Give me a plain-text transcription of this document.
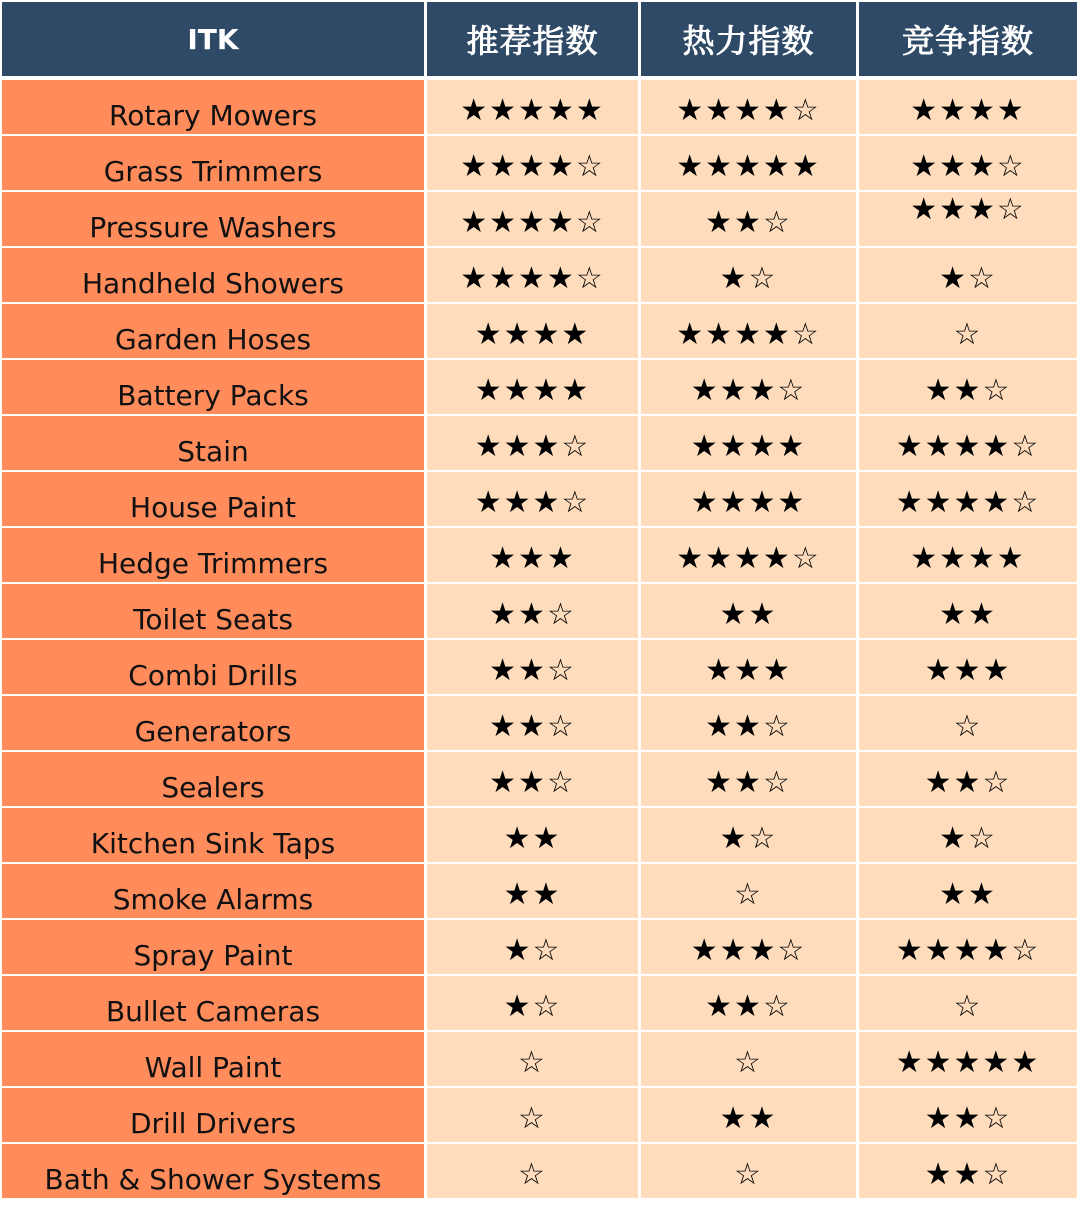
ITK	推荐指数	热力指数	竞争指数
Rotary Mowers	★★★★★	★★★★☆	★★★★
Grass Trimmers	★★★★☆	★★★★★	★★★☆
Pressure Washers	★★★★☆	★★☆	★★★☆
Handheld Showers	★★★★☆	★☆	★☆
Garden Hoses	★★★★	★★★★☆	☆
Battery Packs	★★★★	★★★☆	★★☆
Stain	★★★☆	★★★★	★★★★☆
House Paint	★★★☆	★★★★	★★★★☆
Hedge Trimmers	★★★	★★★★☆	★★★★
Toilet Seats	★★☆	★★	★★
Combi Drills	★★☆	★★★	★★★
Generators	★★☆	★★☆	☆
Sealers	★★☆	★★☆	★★☆
Kitchen Sink Taps	★★	★☆	★☆
Smoke Alarms	★★	☆	★★
Spray Paint	★☆	★★★☆	★★★★☆
Bullet Cameras	★☆	★★☆	☆
Wall Paint	☆	☆	★★★★★
Drill Drivers	☆	★★	★★☆
Bath & Shower Systems	☆	☆	★★☆
